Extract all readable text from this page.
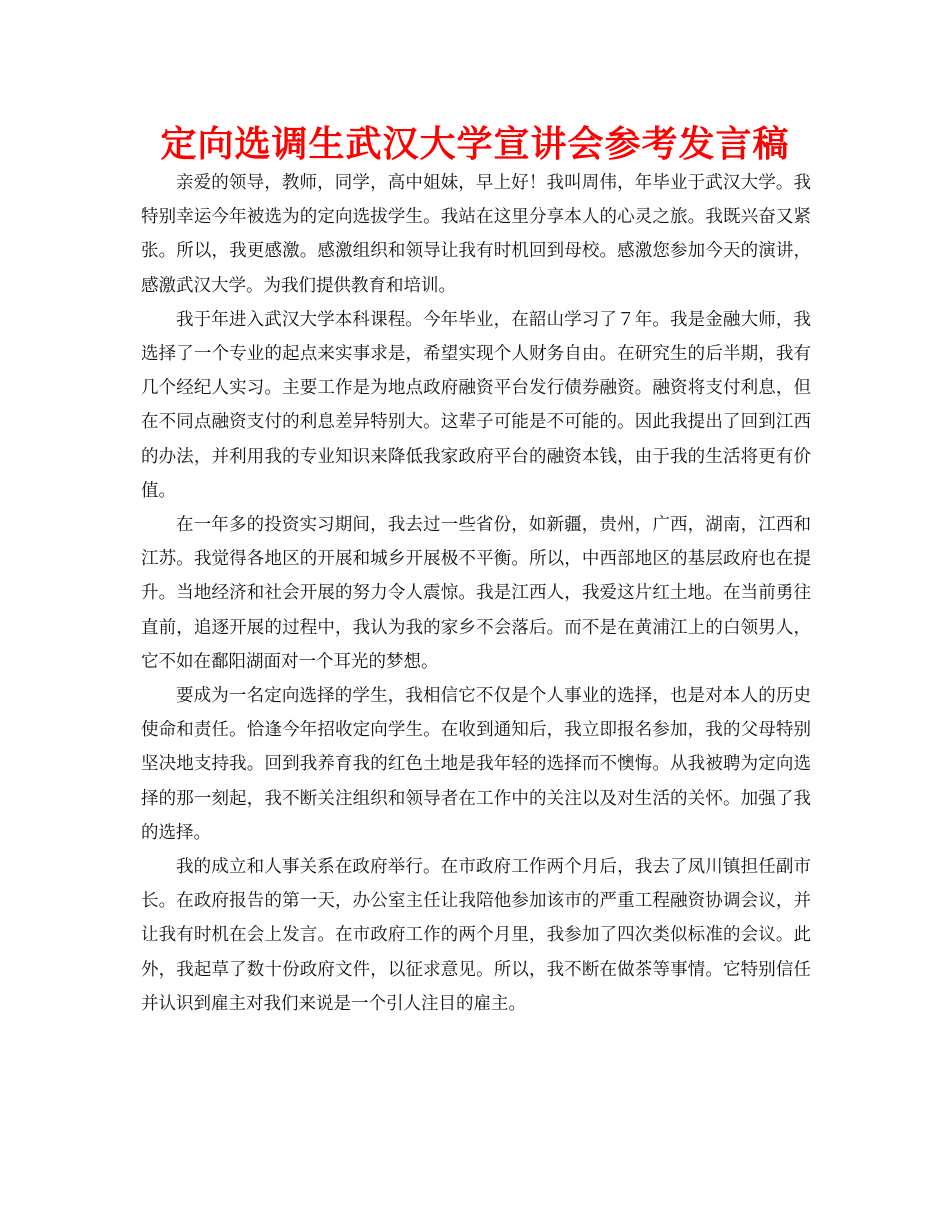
定向选调生武汉大学宣讲会参考发言稿

亲爱的领导，教师，同学，高中姐妹，早上好！我叫周伟，年毕业于武汉大学。我特别幸运今年被选为的定向选拔学生。我站在这里分享本人的心灵之旅。我既兴奋又紧张。所以，我更感激。感激组织和领导让我有时机回到母校。感激您参加今天的演讲，感激武汉大学。为我们提供教育和培训。

我于年进入武汉大学本科课程。今年毕业，在韶山学习了７年。我是金融大师，我选择了一个专业的起点来实事求是，希望实现个人财务自由。在研究生的后半期，我有几个经纪人实习。主要工作是为地点政府融资平台发行债券融资。融资将支付利息，但在不同点融资支付的利息差异特别大。这辈子可能是不可能的。因此我提出了回到江西的办法，并利用我的专业知识来降低我家政府平台的融资本钱，由于我的生活将更有价值。

在一年多的投资实习期间，我去过一些省份，如新疆，贵州，广西，湖南，江西和江苏。我觉得各地区的开展和城乡开展极不平衡。所以，中西部地区的基层政府也在提升。当地经济和社会开展的努力令人震惊。我是江西人，我爱这片红土地。在当前勇往直前，追逐开展的过程中，我认为我的家乡不会落后。而不是在黄浦江上的白领男人，它不如在鄱阳湖面对一个耳光的梦想。

要成为一名定向选择的学生，我相信它不仅是个人事业的选择，也是对本人的历史使命和责任。恰逢今年招收定向学生。在收到通知后，我立即报名参加，我的父母特别坚决地支持我。回到我养育我的红色土地是我年轻的选择而不懊悔。从我被聘为定向选择的那一刻起，我不断关注组织和领导者在工作中的关注以及对生活的关怀。加强了我的选择。

我的成立和人事关系在政府举行。在市政府工作两个月后，我去了凤川镇担任副市长。在政府报告的第一天，办公室主任让我陪他参加该市的严重工程融资协调会议，并让我有时机在会上发言。在市政府工作的两个月里，我参加了四次类似标准的会议。此外，我起草了数十份政府文件，以征求意见。所以，我不断在做茶等事情。它特别信任并认识到雇主对我们来说是一个引人注目的雇主。
